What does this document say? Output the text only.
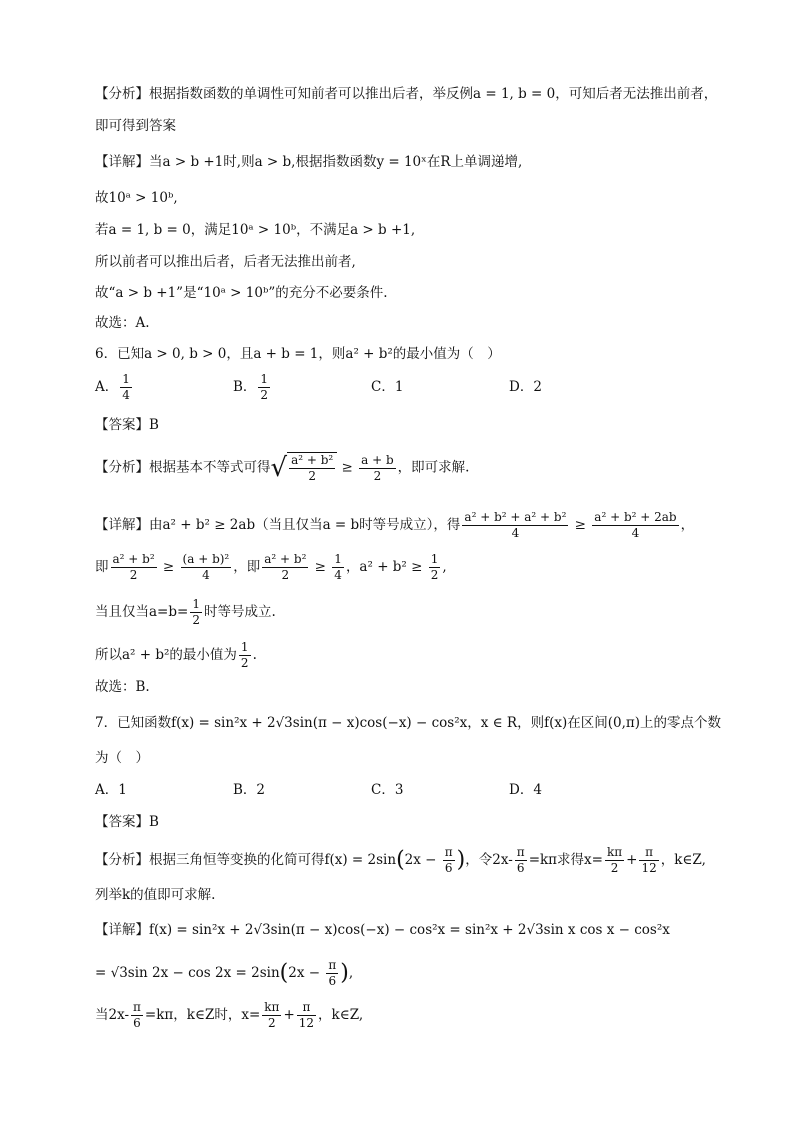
【分析】根据指数函数的单调性可知前者可以推出后者，举反例a = 1, b = 0，可知后者无法推出前者，
即可得到答案
【详解】当a > b +1时,则a > b,根据指数函数y = 10ˣ在R上单调递增,
故10ᵃ > 10ᵇ,
若a = 1, b = 0，满足10ᵃ > 10ᵇ，不满足a > b +1,
所以前者可以推出后者，后者无法推出前者,
故“a > b +1”是“10ᵃ > 10ᵇ”的充分不必要条件.
故选：A.
6．已知a > 0, b > 0，且a + b = 1，则a² + b²的最小值为（　）
A． $\frac{1}{4}$	B． $\frac{1}{2}$	C．1	D．2
【答案】B
【分析】根据基本不等式可得√ $\frac{\text{a² + b²}}{2} \ge \frac{a + b}{2}$ ，即可求解.
【详解】由a² + b² ≥ 2ab（当且仅当a = b时等号成立），得 $\frac{\text{a² + b² + a² + b²}}{4} \ge \frac{\text{a² + b² + 2ab}}{4}$ ，
即 $\frac{\text{a² + b²}}{2} \ge \frac{\text{(a + b)²}}{4}$ ，即 $\frac{\text{a² + b²}}{2} \ge \frac{1}{4}$ ，$a^2 + b^2 \ge \frac{1}{2}$ ,
当且仅当$a=b= \frac{1}{2}$ 时等号成立.
所以a² + b²的最小值为 $\frac{1}{2}$ .
故选：B.
7．已知函数f(x) = sin²x + 2√3sin(π − x)cos(−x) − cos²x，x ∈ R，则f(x)在区间(0,π)上的零点个数
为（　）
A．1	B．2	C．3	D．4
【答案】B
【分析】根据三角恒等变换的化简可得$f(x) = 2\sin(2x - \frac{\pi}{6}$ )，令$2x- \frac{\pi}{6} =k\pi$求得$x= \frac{k\pi}{2} + \frac{\pi}{12}$ ，k∈Z,
列举k的值即可求解.
【详解】f(x) = sin²x + 2√3sin(π − x)cos(−x) − cos²x = sin²x + 2√3sin x cos x − cos²x
= √3sin $2x - \cos 2x = 2\sin(2x - \frac{\pi}{6}$ ),
当$2x- \frac{\pi}{6} =k\pi$，k∈Z时，$x= \frac{k\pi}{2} + \frac{\pi}{12}$ ，k∈Z,
